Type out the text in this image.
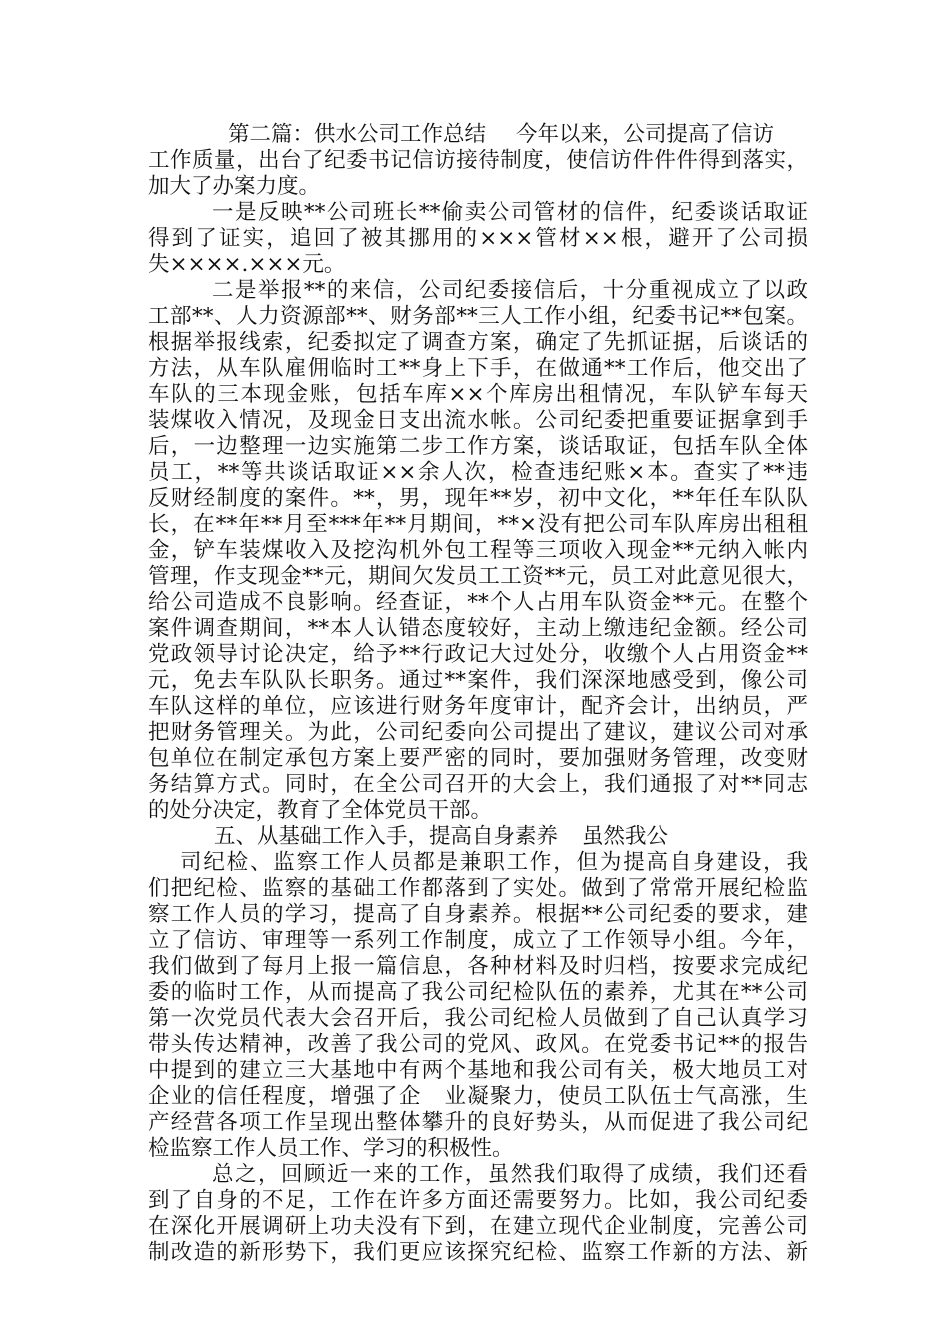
第二篇：供水公司工作总结 今年以来，公司提高了信访
工作质量，出台了纪委书记信访接待制度，使信访件件件得到落实，
加大了办案力度。
一是反映**公司班长**偷卖公司管材的信件，纪委谈话取证
得到了证实，追回了被其挪用的×××管材××根，避开了公司损
失××××.×××元。
二是举报**的来信，公司纪委接信后，十分重视成立了以政
工部**、人力资源部**、财务部**三人工作小组，纪委书记**包案。
根据举报线索，纪委拟定了调查方案，确定了先抓证据，后谈话的
方法，从车队雇佣临时工**身上下手，在做通**工作后，他交出了
车队的三本现金账，包括车库××个库房出租情况，车队铲车每天
装煤收入情况，及现金日支出流水帐。公司纪委把重要证据拿到手
后，一边整理一边实施第二步工作方案，谈话取证，包括车队全体
员工，**等共谈话取证××余人次，检查违纪账×本。查实了**违
反财经制度的案件。**，男，现年**岁，初中文化，**年任车队队
长，在**年**月至***年**月期间，**×没有把公司车队库房出租租
金，铲车装煤收入及挖沟机外包工程等三项收入现金**元纳入帐内
管理，作支现金**元，期间欠发员工工资**元，员工对此意见很大，
给公司造成不良影响。经查证，**个人占用车队资金**元。在整个
案件调查期间，**本人认错态度较好，主动上缴违纪金额。经公司
党政领导讨论决定，给予**行政记大过处分，收缴个人占用资金**
元，免去车队队长职务。通过**案件，我们深深地感受到，像公司
车队这样的单位，应该进行财务年度审计，配齐会计，出纳员，严
把财务管理关。为此，公司纪委向公司提出了建议，建议公司对承
包单位在制定承包方案上要严密的同时，要加强财务管理，改变财
务结算方式。同时，在全公司召开的大会上，我们通报了对**同志
的处分决定，教育了全体党员干部。
五、从基础工作入手，提高自身素养 虽然我公
司纪检、监察工作人员都是兼职工作，但为提高自身建设，我
们把纪检、监察的基础工作都落到了实处。做到了常常开展纪检监
察工作人员的学习，提高了自身素养。根据**公司纪委的要求，建
立了信访、审理等一系列工作制度，成立了工作领导小组。今年，
我们做到了每月上报一篇信息，各种材料及时归档，按要求完成纪
委的临时工作，从而提高了我公司纪检队伍的素养，尤其在**公司
第一次党员代表大会召开后，我公司纪检人员做到了自己认真学习
带头传达精神，改善了我公司的党风、政风。在党委书记**的报告
中提到的建立三大基地中有两个基地和我公司有关，极大地员工对
企业的信任程度，增强了企　业凝聚力，使员工队伍士气高涨，生
产经营各项工作呈现出整体攀升的良好势头，从而促进了我公司纪
检监察工作人员工作、学习的积极性。
总之，回顾近一来的工作，虽然我们取得了成绩，我们还看
到了自身的不足，工作在许多方面还需要努力。比如，我公司纪委
在深化开展调研上功夫没有下到，在建立现代企业制度，完善公司
制改造的新形势下，我们更应该探究纪检、监察工作新的方法、新
